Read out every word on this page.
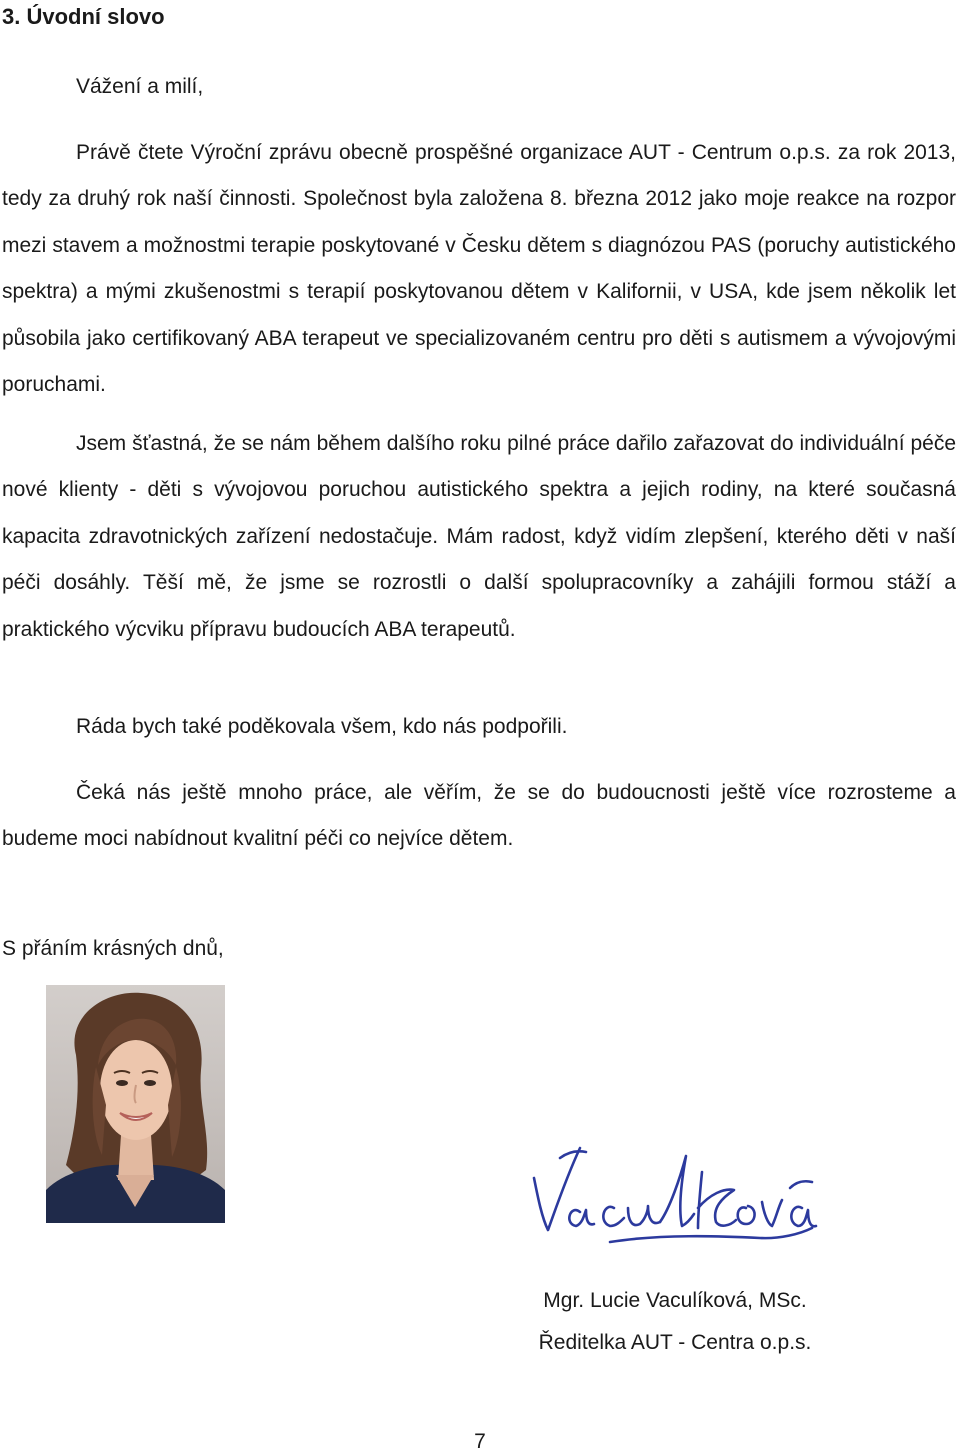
3. Úvodní slovo

Vážení a milí,

Právě čtete Výroční zprávu obecně prospěšné organizace AUT - Centrum o.p.s. za rok 2013, tedy za druhý rok naší činnosti. Společnost byla založena 8. března 2012 jako moje reakce na rozpor mezi stavem a možnostmi terapie poskytované v Česku dětem s diagnózou PAS (poruchy autistického spektra) a mými zkušenostmi s terapií poskytovanou dětem v Kalifornii, v USA, kde jsem několik let působila jako certifikovaný ABA terapeut ve specializovaném centru pro děti s autismem a vývojovými poruchami.

Jsem šťastná, že se nám během dalšího roku pilné práce dařilo zařazovat do individuální péče nové klienty - děti s vývojovou poruchou autistického spektra a jejich rodiny, na které současná kapacita zdravotnických zařízení nedostačuje. Mám radost, když vidím zlepšení, kterého děti v naší péči dosáhly. Těší mě, že jsme se rozrostli o další spolupracovníky a zahájili formou stáží a praktického výcviku přípravu budoucích ABA terapeutů.

Ráda bych také poděkovala všem, kdo nás podpořili.

Čeká nás ještě mnoho práce, ale věřím, že se do budoucnosti ještě více rozrosteme a budeme moci nabídnout kvalitní péči co nejvíce dětem.

S přáním krásných dnů,

Mgr. Lucie Vaculíková, MSc.

Ředitelka AUT - Centra o.p.s.

7
